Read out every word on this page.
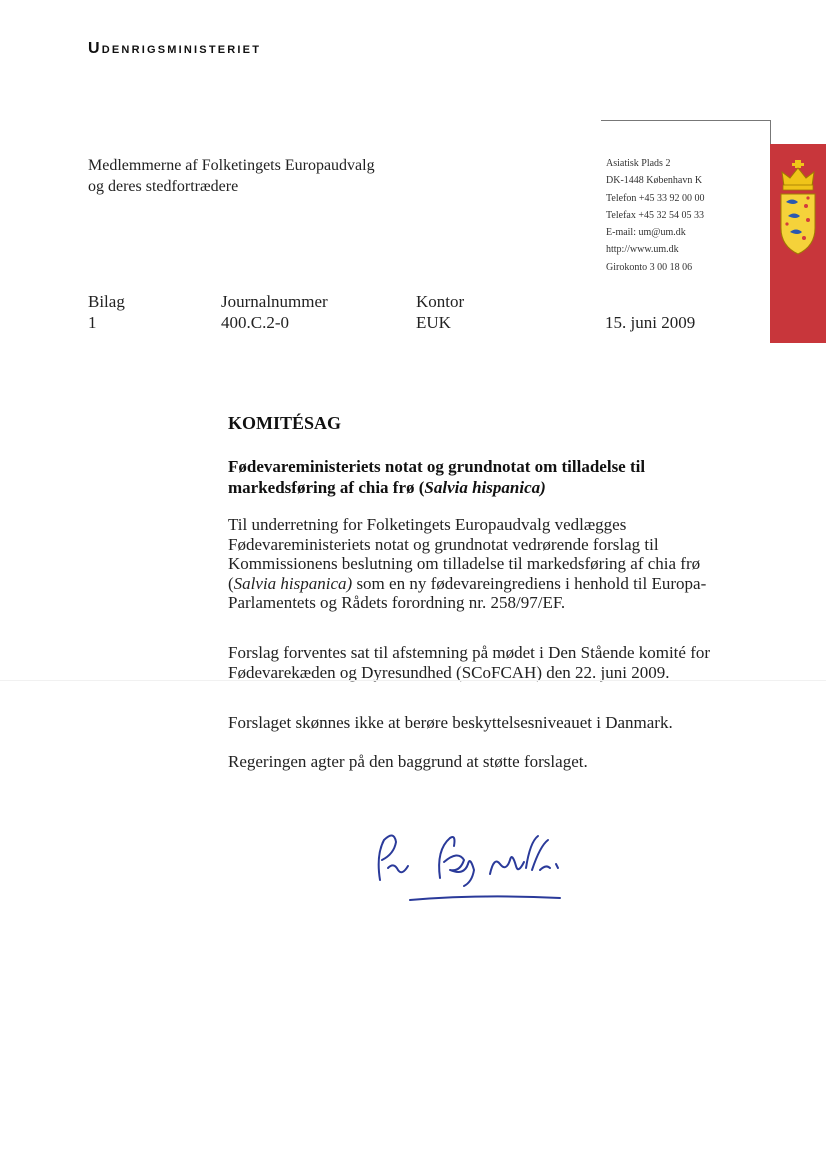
Udenrigsministeriet
Medlemmerne af Folketingets Europaudvalg
og deres stedfortrædere
Asiatisk Plads 2
DK-1448 København K
Telefon +45 33 92 00 00
Telefax +45 32 54 05 33
E-mail: um@um.dk
http://www.um.dk
Girokonto 3 00 18 06
Bilag
1
Journalnummer
400.C.2-0
Kontor
EUK	15. juni 2009
KOMITÉSAG
Fødevareministeriets notat og grundnotat om tilladelse til markedsføring af chia frø (Salvia hispanica)
Til underretning for Folketingets Europaudvalg vedlægges Fødevareministeriets notat og grundnotat vedrørende forslag til Kommissionens beslutning om tilladelse til markedsføring af chia frø (Salvia hispanica) som en ny fødevareingrediens i henhold til Europa-Parlamentets og Rådets forordning nr. 258/97/EF.
Forslag forventes sat til afstemning på mødet i Den Stående komité for Fødevarekæden og Dyresundhed (SCoFCAH) den 22. juni 2009.
Forslaget skønnes ikke at berøre beskyttelsesniveauet i Danmark.
Regeringen agter på den baggrund at støtte forslaget.
